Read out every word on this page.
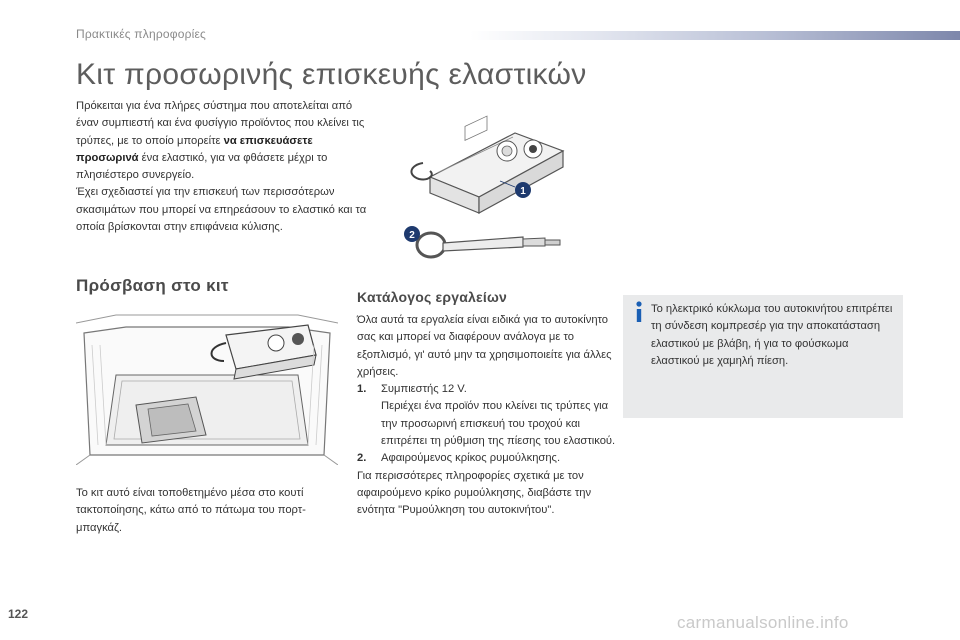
Πρακτικές πληροφορίες
Κιτ προσωρινής επισκευής ελαστικών

Πρόκειται για ένα πλήρες σύστημα που αποτελείται από έναν συμπιεστή και ένα φυσίγγιο προϊόντος που κλείνει τις τρύπες, με το οποίο μπορείτε να επισκευάσετε προσωρινά ένα ελαστικό, για να φθάσετε μέχρι το πλησιέστερο συνεργείο.

Έχει σχεδιαστεί για την επισκευή των περισσότερων σκασιμάτων που μπορεί να επηρεάσουν το ελαστικό και τα οποία βρίσκονται στην επιφάνεια κύλισης.

1
2
Πρόσβαση στο κιτ

Το κιτ αυτό είναι τοποθετημένο μέσα στο κουτί τακτοποίησης, κάτω από το πάτωμα του πορτ-μπαγκάζ.

Κατάλογος εργαλείων

Όλα αυτά τα εργαλεία είναι ειδικά για το αυτοκίνητο σας και μπορεί να διαφέρουν ανάλογα με το εξοπλισμό, γι' αυτό μην τα χρησιμοποιείτε για άλλες χρήσεις.

1.	Συμπιεστής 12 V.
Περιέχει ένα προϊόν που κλείνει τις τρύπες για την προσωρινή επισκευή του τροχού και επιτρέπει τη ρύθμιση της πίεσης του ελαστικού.
2.	Αφαιρούμενος κρίκος ρυμούλκησης.

Για περισσότερες πληροφορίες σχετικά με τον αφαιρούμενο κρίκο ρυμούλκησης, διαβάστε την ενότητα "Ρυμούλκηση του αυτοκινήτου".

Το ηλεκτρικό κύκλωμα του αυτοκινήτου επιτρέπει τη σύνδεση κομπρεσέρ για την αποκατάσταση ελαστικού με βλάβη, ή για το φούσκωμα ελαστικού με χαμηλή πίεση.

122	carmanualsonline.info
